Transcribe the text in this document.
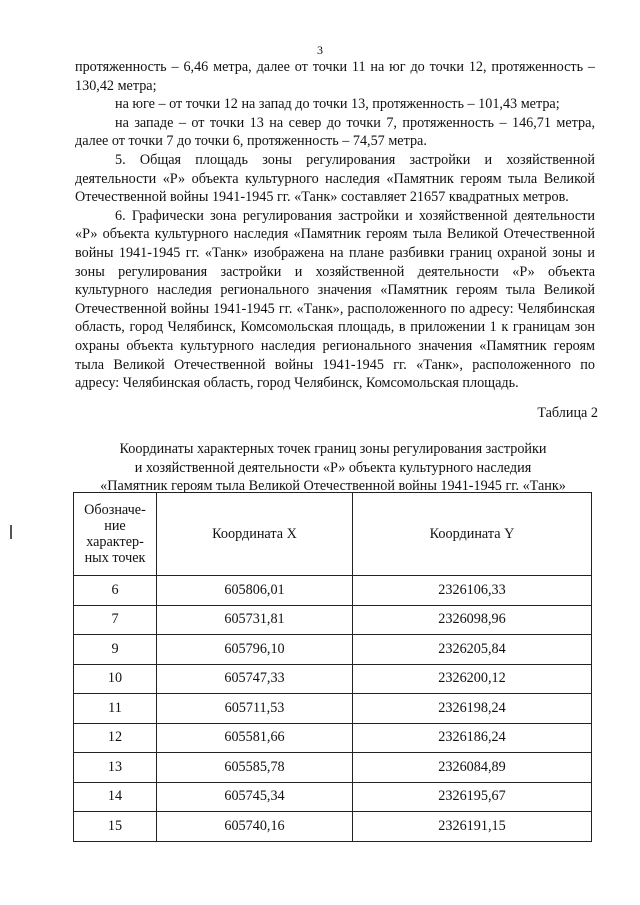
3

протяженность – 6,46 метра, далее от точки 11 на юг до точки 12, протяженность – 130,42 метра;

на юге – от точки 12 на запад до точки 13, протяженность – 101,43 метра;

на западе – от точки 13 на север до точки 7, протяженность – 146,71 метра, далее от точки 7 до точки 6, протяженность – 74,57 метра.

5. Общая площадь зоны регулирования застройки и хозяйственной деятельности «Р» объекта культурного наследия «Памятник героям тыла Великой Отечественной войны 1941-1945 гг. «Танк» составляет 21657 квадратных метров.

6. Графически зона регулирования застройки и хозяйственной деятельности «Р» объекта культурного наследия «Памятник героям тыла Великой Отечественной войны 1941-1945 гг. «Танк» изображена на плане разбивки границ охраной зоны и зоны регулирования застройки и хозяйственной деятельности «Р» объекта культурного наследия регионального значения «Памятник героям тыла Великой Отечественной войны 1941-1945 гг. «Танк», расположенного по адресу: Челябинская область, город Челябинск, Комсомольская площадь, в приложении 1 к границам зон охраны объекта культурного наследия регионального значения «Памятник героям тыла Великой Отечественной войны 1941-1945 гг. «Танк», расположенного по адресу: Челябинская область, город Челябинск, Комсомольская площадь.

Таблица 2
Координаты характерных точек границ зоны регулирования застройки
и хозяйственной деятельности «Р» объекта культурного наследия
«Памятник героям тыла Великой Отечественной войны 1941-1945 гг. «Танк»
Обозначе-
ние
характер-
ных точек	Координата X	Координата Y
6	605806,01	2326106,33
7	605731,81	2326098,96
9	605796,10	2326205,84
10	605747,33	2326200,12
11	605711,53	2326198,24
12	605581,66	2326186,24
13	605585,78	2326084,89
14	605745,34	2326195,67
15	605740,16	2326191,15
